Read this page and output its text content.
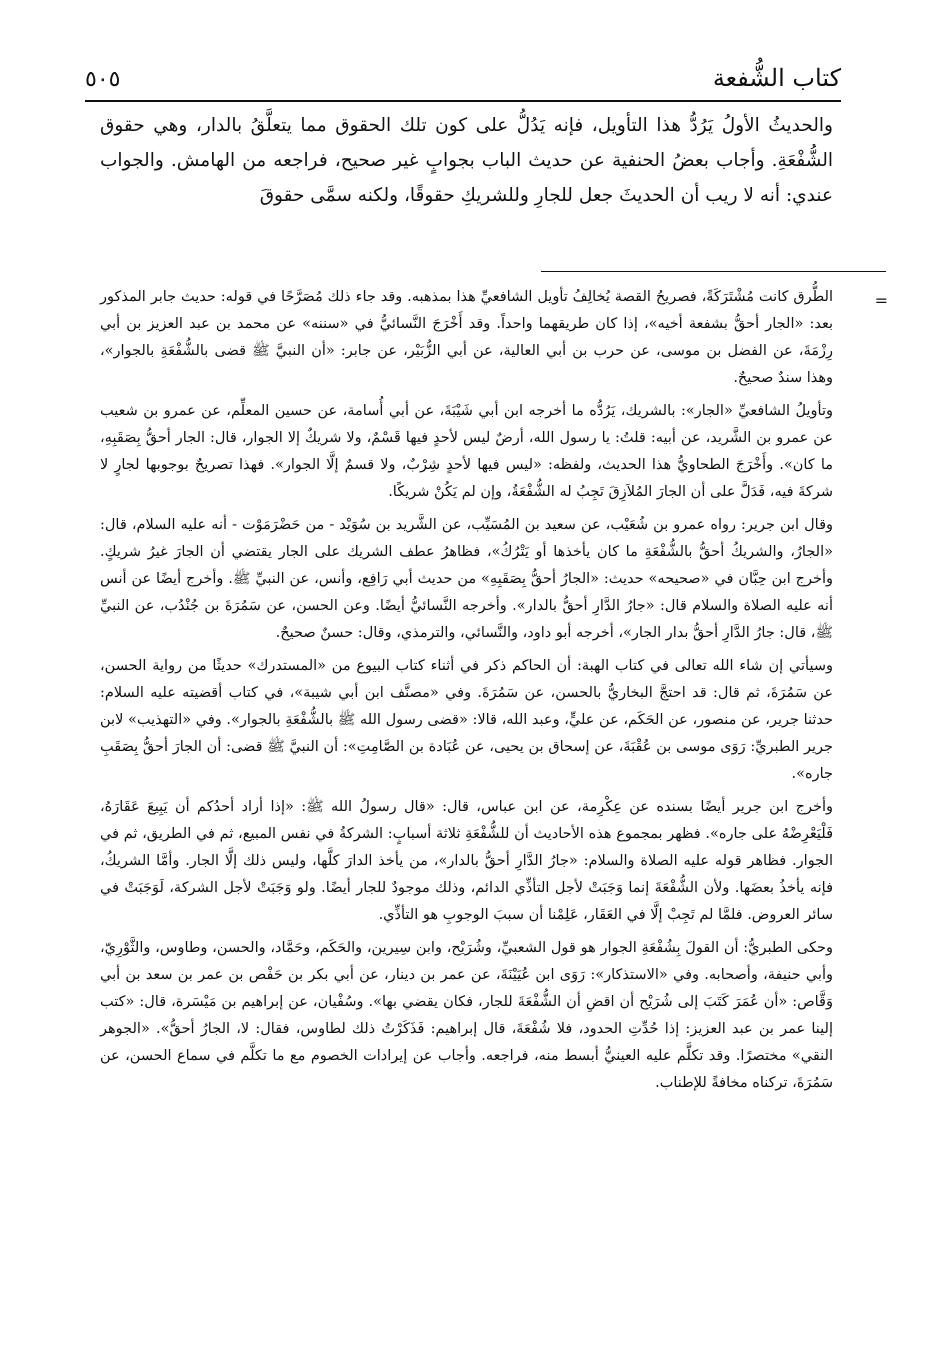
٥٠٥	كتاب الشُّفعة

والحديثُ الأولُ يَرُدُّ هذا التأويل، فإنه يَدُلُّ على كون تلك الحقوق مما يتعلَّقُ بالدار، وهي حقوق الشُّفْعَةِ. وأجاب بعضُ الحنفية عن حديث الباب بجوابٍ غير صحيح، فراجعه من الهامش. والجواب عندي: أنه لا ريب أن الحديثَ جعل للجارِ وللشريكِ حقوقًا، ولكنه سمَّى حقوقَ

=

الطُّرق كانت مُشْتَرَكَةً، فصريحُ القصة يُخالِفُ تأويل الشافعيِّ هذا بمذهبه. وقد جاء ذلك مُصَرَّحًا في قوله: حديث جابر المذكور بعد: «الجار أحقُّ بشفعة أخيه»، إذا كان طريقهما واحداً. وقد أَخْرَجَ النَّسائيُّ في «سننه» عن محمد بن عبد العزيز بن أبي رِزْمَةَ، عن الفضل بن موسى، عن حرب بن أبي العالية، عن أبي الزُّبَيْر، عن جابر: «أن النبيَّ ﷺ قضى بالشُّفْعَةِ بالجوار»، وهذا سندٌ صحيحٌ.

وتأويلُ الشافعيِّ «الجار»: بالشريك، يَرُدُّه ما أخرجه ابن أبي شَيْبَةَ، عن أبي أُسامة، عن حسين المعلِّم، عن عمرو بن شعيب عن عمرو بن الشَّريد، عن أبيه: قلتُ: يا رسول الله، أرضٌ ليس لأحدٍ فيها قَسْمٌ، ولا شريكٌ إلا الجوار، قال: الجار أحقُّ بِصَقَبِهِ، ما كان». وأَخْرَجَ الطحاويُّ هذا الحديث، ولفظه: «ليس فيها لأحدٍ شِرْبٌ، ولا قسمٌ إلَّا الجوار». فهذا تصريحٌ بوجوبها لجارٍ لا شركةَ فيه، فَدَلَّ على أن الجارَ المُلاَزِقَ تَجِبُ له الشُّفْعَةُ، وإن لم يَكُنْ شريكًا.

وقال ابن جرير: رواه عمرو بن شُعَيْب، عن سعيد بن المُسَيِّب، عن الشَّريد بن سُوَيْد - من حَضْرَمَوْت - أنه عليه السلام، قال: «الجارُ، والشريكُ أحقُّ بالشُّفْعَةِ ما كان يأخذها أو يَتْرُكُ»، فظاهرُ عطف الشريك على الجار يقتضي أن الجارَ غيرُ شريكٍ. وأخرج ابن حِبَّان في «صحيحه» حديث: «الجارُ أحقُّ بِصَقَبِهِ» من حديث أبي رَافِع، وأنس، عن النبيِّ ﷺ. وأخرج أيضًا عن أنس أنه عليه الصلاة والسلام قال: «جارُ الدَّارِ أحقُّ بالدار». وأخرجه النَّسائيُّ أيضًا. وعن الحسن، عن سَمُرَةَ بن جُنْدُب، عن النبيِّ ﷺ، قال: جارُ الدَّارِ أحقُّ بدار الجار»، أخرجه أبو داود، والنَّسائي، والترمذي، وقال: حسنٌ صحيحٌ.

وسيأتي إن شاء الله تعالى في كتاب الهبة: أن الحاكم ذكر في أثناء كتاب البيوع من «المستدرك» حديثًا من رواية الحسن، عن سَمُرَةَ، ثم قال: قد احتجَّ البخاريُّ بالحسن، عن سَمُرَةَ. وفي «مصنَّف ابن أبي شيبة»، في كتاب أقضيته عليه السلام: حدثنا جرير، عن منصور، عن الحَكَم، عن عليٍّ، وعبد الله، قالا: «قضى رسول الله ﷺ بالشُّفْعَةِ بالجوار». وفي «التهذيب» لابن جرير الطبريِّ: رَوَى موسى بن عُقْبَةَ، عن إسحاق بن يحيى، عن عُبَادة بن الصَّامِتِ»: أن النبيَّ ﷺ قضى: أن الجارَ أحقُّ بِصَقَبِ جاره».

وأخرج ابن جرير أيضًا بسنده عن عِكْرِمة، عن ابن عباس، قال: «قال رسولُ الله ﷺ: «إذا أراد أحدُكم أن يَبِيعَ عَقَارَهُ، فَلْيَعْرِضْهُ على جاره». فظهر بمجموع هذه الأحاديث أن للشُّفْعَةِ ثلاثة أسبابٍ: الشركةُ في نفس المبيع، ثم في الطريق، ثم في الجوار. فظاهر قوله عليه الصلاة والسلام: «جارُ الدَّارِ أحقُّ بالدار»، من يأخذ الدارَ كلَّها، وليس ذلك إلَّا الجار. وأمَّا الشريكُ، فإنه يأخذُ بعضَها. ولأن الشُّفْعَةَ إنما وَجَبَتْ لأجل التأذِّي الدائم، وذلك موجودٌ للجار أيضًا. ولو وَجَبَتْ لأجل الشركة، لَوَجَبَتْ في سائر العروض. فلمَّا لم تَجِبْ إلَّا في العَقَار، عَلِمْنا أن سببَ الوجوبِ هو التأذِّي.

وحكى الطبريُّ: أن القولَ بِشُفْعَةِ الجوار هو قول الشعبيِّ، وشُرَيْح، وابن سِيرين، والحَكَم، وحَمَّاد، والحسن، وطاوس، والثَّوْرِيّ، وأبي حنيفة، وأصحابه. وفي «الاستذكار»: رَوَى ابن عُيَيْنَةَ، عن عمر بن دينار، عن أبي بكر بن حَفْص بن عمر بن سعد بن أبي وَقَّاص: «أن عُمَرَ كَتَبَ إلى شُرَيْح أن اقضِ أن الشُّفْعَةَ للجار، فكان يقضي بها». وسُفْيان، عن إبراهيم بن مَيْسَرة، قال: «كتب إلينا عمر بن عبد العزيز: إذا حُدِّتِ الحدود، فلا شُفْعَةَ، قال إبراهيم: فَذَكَرْتُ ذلك لطاوس، فقال: لا، الجارُ أحقُّ». «الجوهر النقي» مختصرًا. وقد تكلَّم عليه العينيُّ أبسط منه، فراجعه. وأجاب عن إيرادات الخصوم مع ما تكلَّم في سماع الحسن، عن سَمُرَةَ، تركناه مخافةً للإطناب.
